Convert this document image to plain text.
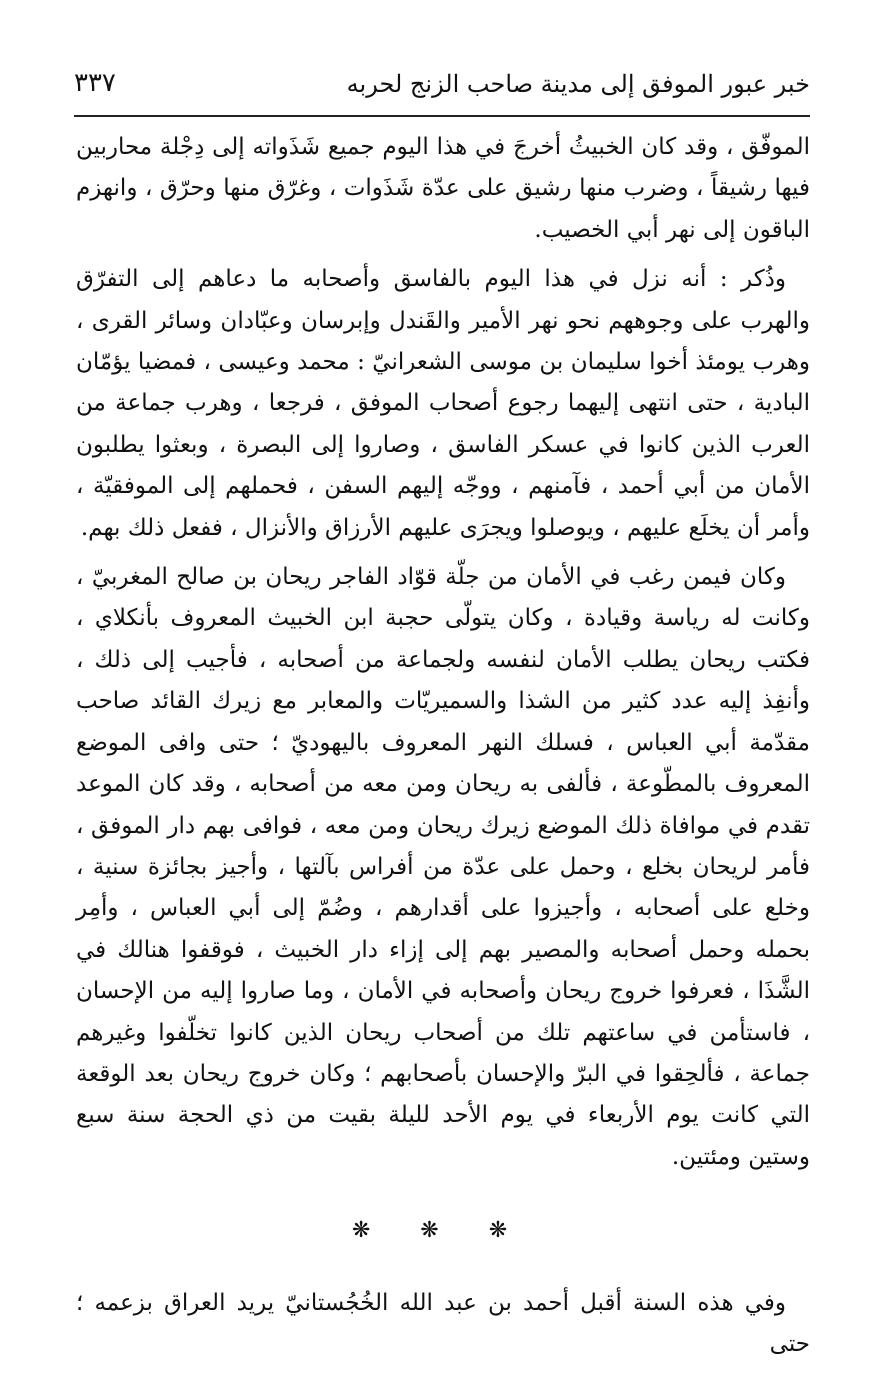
خبر عبور الموفق إلى مدينة صاحب الزنج لحربه
٣٣٧

الموفّق ، وقد كان الخبيثُ أخرجَ في هذا اليوم جميع شَذَواته إلى دِجْلة محاربين فيها رشيقاً ، وضرب منها رشيق على عدّة شَذَوات ، وغرّق منها وحرّق ، وانهزم الباقون إلى نهر أبي الخصيب.

وذُكر : أنه نزل في هذا اليوم بالفاسق وأصحابه ما دعاهم إلى التفرّق والهرب على وجوههم نحو نهر الأمير والقَندل وإبرسان وعبّادان وسائر القرى ، وهرب يومئذ أخوا سليمان بن موسى الشعرانيّ : محمد وعيسى ، فمضيا يؤمّان البادية ، حتى انتهى إليهما رجوع أصحاب الموفق ، فرجعا ، وهرب جماعة من العرب الذين كانوا في عسكر الفاسق ، وصاروا إلى البصرة ، وبعثوا يطلبون الأمان من أبي أحمد ، فآمنهم ، ووجّه إليهم السفن ، فحملهم إلى الموفقيّة ، وأمر أن يخلَع عليهم ، ويوصلوا ويجرَى عليهم الأرزاق والأنزال ، ففعل ذلك بهم.

وكان فيمن رغب في الأمان من جلّة قوّاد الفاجر ريحان بن صالح المغربيّ ، وكانت له رياسة وقيادة ، وكان يتولّى حجبة ابن الخبيث المعروف بأنكلاي ، فكتب ريحان يطلب الأمان لنفسه ولجماعة من أصحابه ، فأجيب إلى ذلك ، وأنفِذ إليه عدد كثير من الشذا والسميريّات والمعابر مع زيرك القائد صاحب مقدّمة أبي العباس ، فسلك النهر المعروف باليهوديّ ؛ حتى وافى الموضع المعروف بالمطّوعة ، فألفى به ريحان ومن معه من أصحابه ، وقد كان الموعد تقدم في موافاة ذلك الموضع زيرك ريحان ومن معه ، فوافى بهم دار الموفق ، فأمر لريحان بخلع ، وحمل على عدّة من أفراس بآلتها ، وأجيز بجائزة سنية ، وخلع على أصحابه ، وأجيزوا على أقدارهم ، وضُمّ إلى أبي العباس ، وأمِر بحمله وحمل أصحابه والمصير بهم إلى إزاء دار الخبيث ، فوقفوا هنالك في الشَّذَا ، فعرفوا خروج ريحان وأصحابه في الأمان ، وما صاروا إليه من الإحسان ، فاستأمن في ساعتهم تلك من أصحاب ريحان الذين كانوا تخلّفوا وغيرهم جماعة ، فألحِقوا في البرّ والإحسان بأصحابهم ؛ وكان خروج ريحان بعد الوقعة التي كانت يوم الأربعاء في يوم الأحد لليلة بقيت من ذي الحجة سنة سبع وستين ومئتين.

❋ ❋ ❋

وفي هذه السنة أقبل أحمد بن عبد الله الخُجُستانيّ يريد العراق بزعمه ؛ حتى
